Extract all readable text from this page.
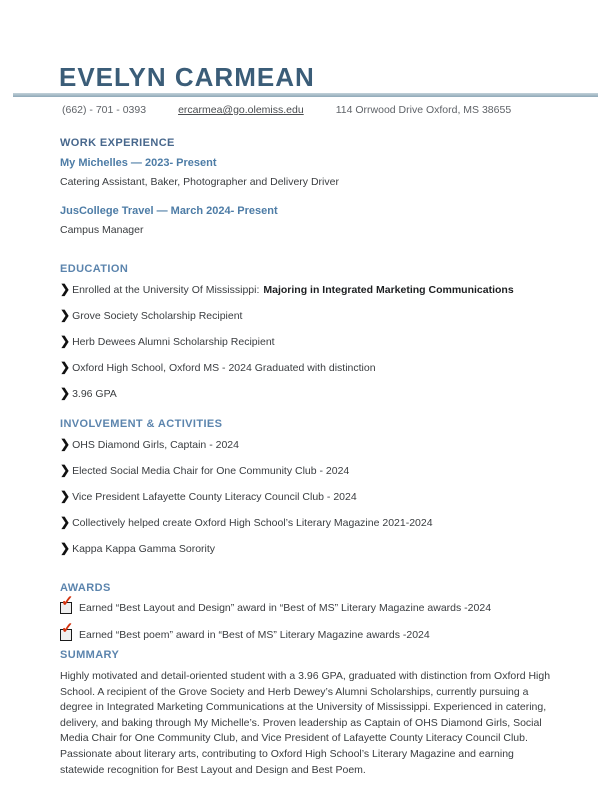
EVELYN CARMEAN
(662) - 701 - 0393	ercarmea@go.olemiss.edu	114 Orrwood Drive Oxford, MS 38655
WORK EXPERIENCE
My Michelles — 2023- Present
Catering Assistant, Baker, Photographer and Delivery Driver
JusCollege Travel — March 2024- Present
Campus Manager
EDUCATION
❯ Enrolled at the University Of Mississippi: Majoring in Integrated Marketing Communications
❯ Grove Society Scholarship Recipient
❯ Herb Dewees Alumni Scholarship Recipient
❯ Oxford High School, Oxford MS - 2024 Graduated with distinction
❯ 3.96 GPA
INVOLVEMENT & ACTIVITIES
❯ OHS Diamond Girls, Captain - 2024
❯ Elected Social Media Chair for One Community Club - 2024
❯ Vice President Lafayette County Literacy Council Club - 2024
❯ Collectively helped create Oxford High School’s Literary Magazine 2021-2024
❯ Kappa Kappa Gamma Sorority
AWARDS
✓ Earned “Best Layout and Design” award in “Best of MS” Literary Magazine awards -2024
✓ Earned “Best poem” award in “Best of MS” Literary Magazine awards -2024
SUMMARY

Highly motivated and detail-oriented student with a 3.96 GPA, graduated with distinction from Oxford High School. A recipient of the Grove Society and Herb Dewey’s Alumni Scholarships, currently pursuing a degree in Integrated Marketing Communications at the University of Mississippi. Experienced in catering, delivery, and baking through My Michelle’s. Proven leadership as Captain of OHS Diamond Girls, Social Media Chair for One Community Club, and Vice President of Lafayette County Literacy Council Club. Passionate about literary arts, contributing to Oxford High School’s Literary Magazine and earning statewide recognition for Best Layout and Design and Best Poem.
